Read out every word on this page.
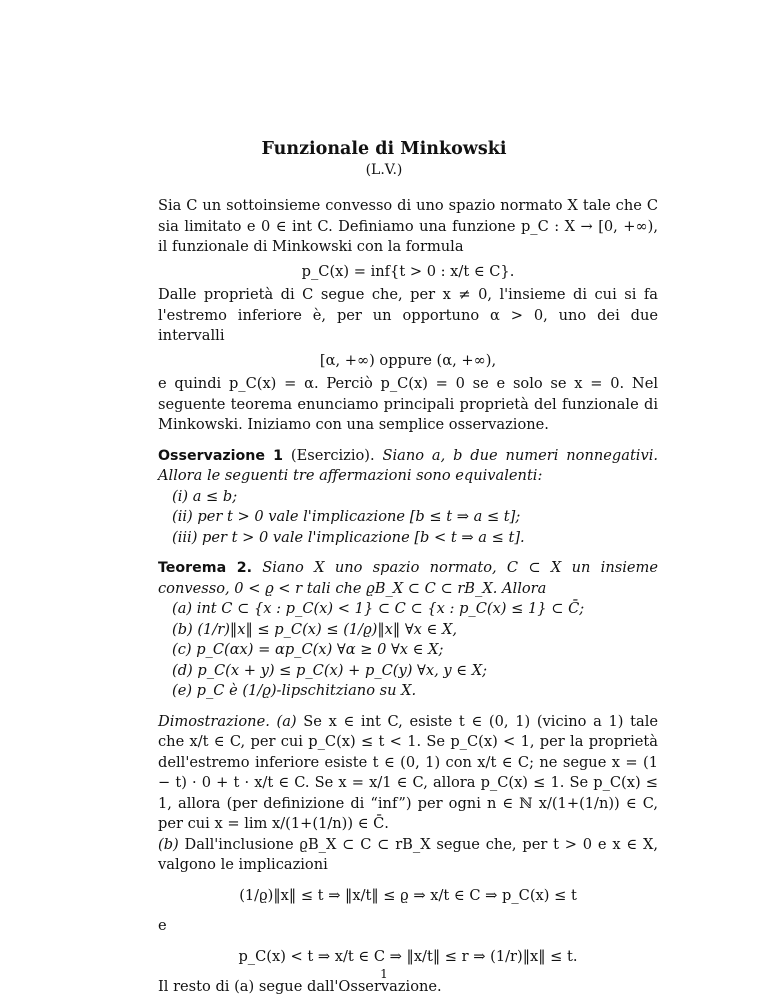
Funzionale di Minkowski
(L.V.)

Sia C un sottoinsieme convesso di uno spazio normato X tale che C sia limitato e 0 ∈ int C. Definiamo una funzione p_C : X → [0, +∞), il funzionale di Minkowski con la formula

p_C(x) = inf{t > 0 : x/t ∈ C}.

Dalle proprietà di C segue che, per x ≠ 0, l'insieme di cui si fa l'estremo inferiore è, per un opportuno α > 0, uno dei due intervalli

[α, +∞) oppure (α, +∞),

e quindi p_C(x) = α. Perciò p_C(x) = 0 se e solo se x = 0. Nel seguente teorema enunciamo principali proprietà del funzionale di Minkowski. Iniziamo con una semplice osservazione.

Osservazione 1 (Esercizio). Siano a, b due numeri nonnegativi. Allora le seguenti tre affermazioni sono equivalenti:

(i) a ≤ b;
(ii) per t > 0 vale l'implicazione [b ≤ t ⇒ a ≤ t];
(iii) per t > 0 vale l'implicazione [b < t ⇒ a ≤ t].

Teorema 2. Siano X uno spazio normato, C ⊂ X un insieme convesso, 0 < ϱ < r tali che ϱB_X ⊂ C ⊂ rB_X. Allora

(a) int C ⊂ {x : p_C(x) < 1} ⊂ C ⊂ {x : p_C(x) ≤ 1} ⊂ C̄;
(b) (1/r)‖x‖ ≤ p_C(x) ≤ (1/ϱ)‖x‖ ∀x ∈ X,
(c) p_C(αx) = αp_C(x) ∀α ≥ 0 ∀x ∈ X;
(d) p_C(x + y) ≤ p_C(x) + p_C(y) ∀x, y ∈ X;
(e) p_C è (1/ϱ)-lipschitziano su X.

Dimostrazione. (a) Se x ∈ int C, esiste t ∈ (0, 1) (vicino a 1) tale che x/t ∈ C, per cui p_C(x) ≤ t < 1. Se p_C(x) < 1, per la proprietà dell'estremo inferiore esiste t ∈ (0, 1) con x/t ∈ C; ne segue x = (1 − t) · 0 + t · x/t ∈ C. Se x = x/1 ∈ C, allora p_C(x) ≤ 1. Se p_C(x) ≤ 1, allora (per definizione di “inf”) per ogni n ∈ ℕ x/(1+(1/n)) ∈ C, per cui x = lim x/(1+(1/n)) ∈ C̄.

(b) Dall'inclusione ϱB_X ⊂ C ⊂ rB_X segue che, per t > 0 e x ∈ X, valgono le implicazioni

(1/ϱ)‖x‖ ≤ t ⇒ ‖x/t‖ ≤ ϱ ⇒ x/t ∈ C ⇒ p_C(x) ≤ t

e

p_C(x) < t ⇒ x/t ∈ C ⇒ ‖x/t‖ ≤ r ⇒ (1/r)‖x‖ ≤ t.

Il resto di (a) segue dall'Osservazione.

1
